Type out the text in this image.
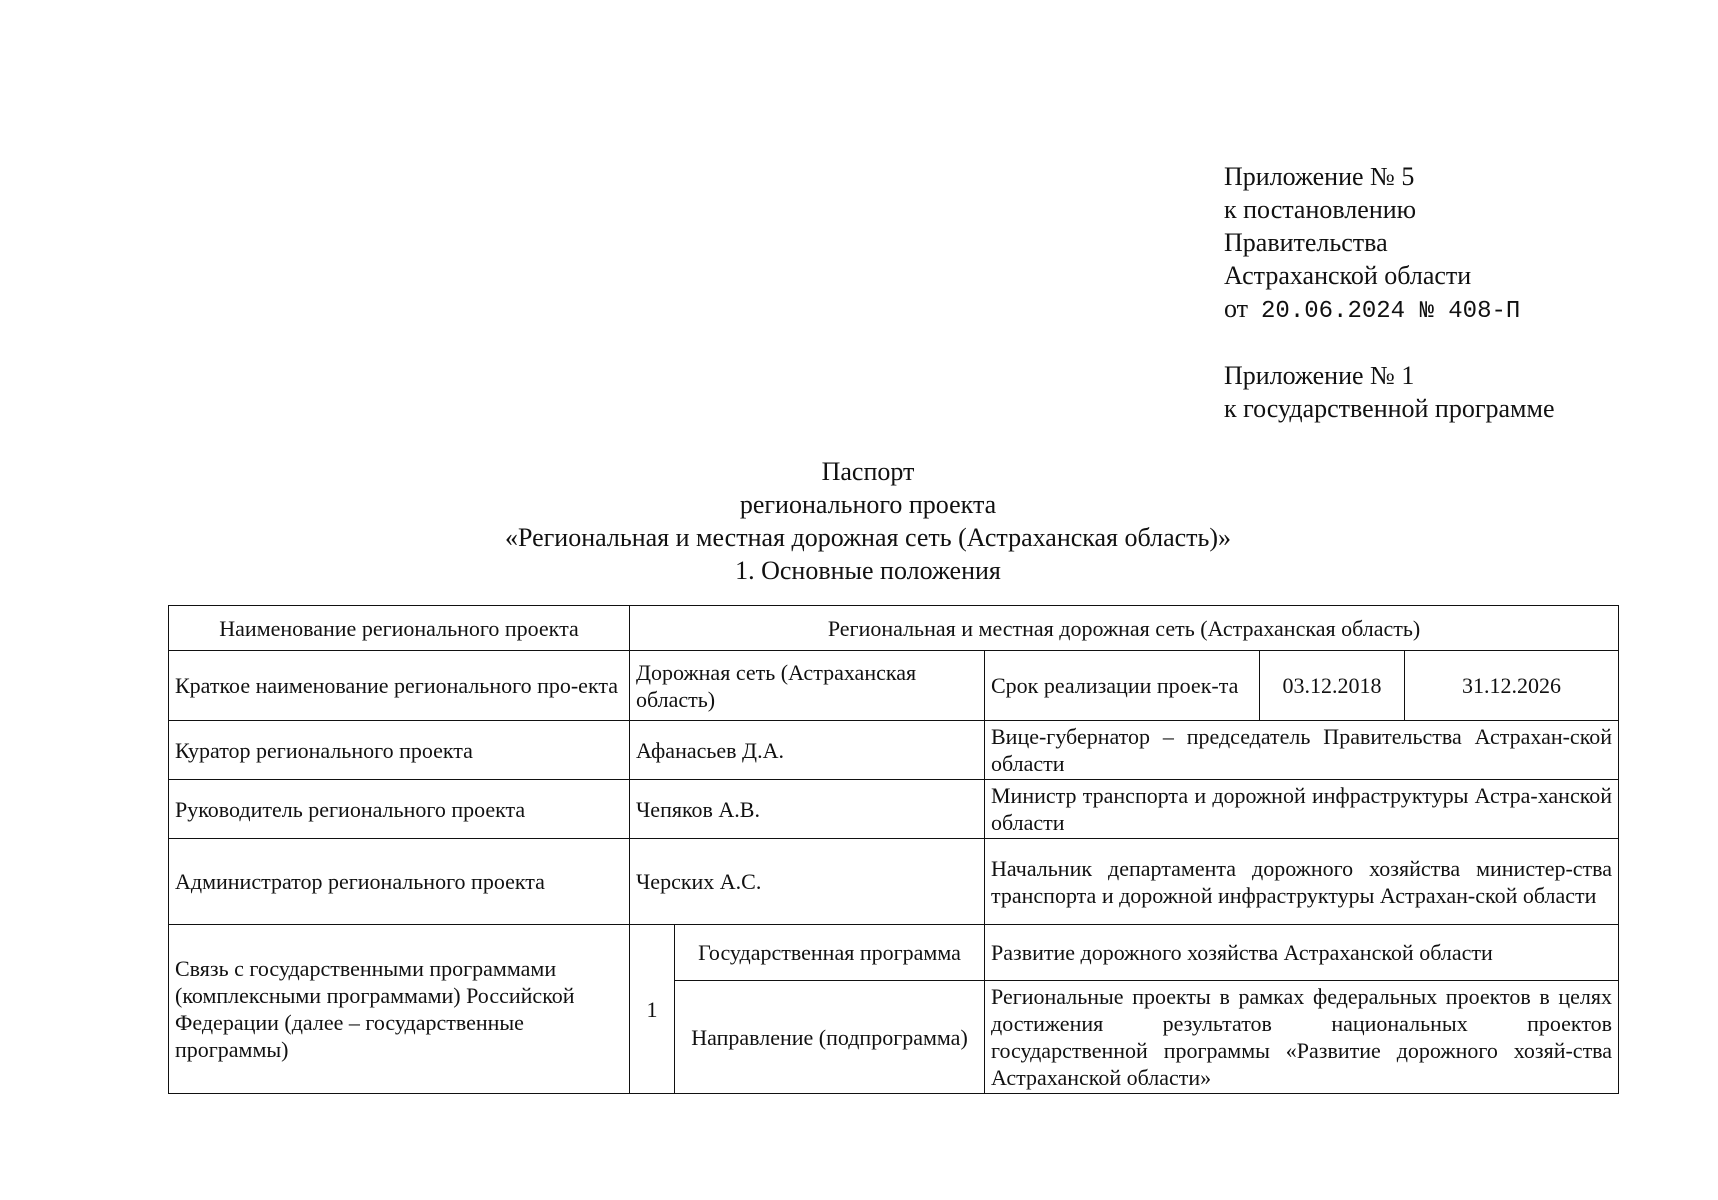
Приложение № 5
к постановлению
Правительства
Астраханской области
от 20.06.2024 № 408-П
Приложение № 1
к государственной программе
Паспорт
регионального проекта
«Региональная и местная дорожная сеть (Астраханская область)»
1. Основные положения
Наименование регионального проекта	Региональная и местная дорожная сеть (Астраханская область)				
Краткое наименование регионального про-екта	Дорожная сеть (Астраханская область)		Срок реализации проек-та	03.12.2018	31.12.2026
Куратор регионального проекта	Афанасьев Д.А.		Вице-губернатор – председатель Правительства Астрахан-ской области		
Руководитель регионального проекта	Чепяков А.В.		Министр транспорта и дорожной инфраструктуры Астра-ханской области		
Администратор регионального проекта	Черских А.С.		Начальник департамента дорожного хозяйства министер-ства транспорта и дорожной инфраструктуры Астрахан-ской области		
Связь с государственными программами (комплексными программами) Российской Федерации (далее – государственные программы)	1	Государственная программа	Развитие дорожного хозяйства Астраханской области		
		Направление (подпрограмма)	Региональные проекты в рамках федеральных проектов в целях достижения результатов национальных проектов государственной программы «Развитие дорожного хозяй-ства Астраханской области»		
